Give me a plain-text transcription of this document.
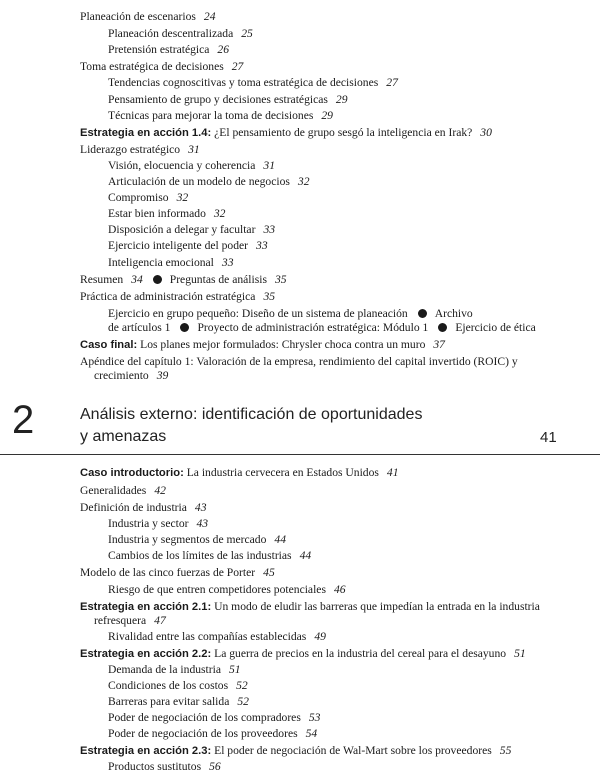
Planeación de escenarios 24
Planeación descentralizada 25
Pretensión estratégica 26
Toma estratégica de decisiones 27
Tendencias cognoscitivas y toma estratégica de decisiones 27
Pensamiento de grupo y decisiones estratégicas 29
Técnicas para mejorar la toma de decisiones 29
Estrategia en acción 1.4: ¿El pensamiento de grupo sesgó la inteligencia en Irak? 30
Liderazgo estratégico 31
Visión, elocuencia y coherencia 31
Articulación de un modelo de negocios 32
Compromiso 32
Estar bien informado 32
Disposición a delegar y facultar 33
Ejercicio inteligente del poder 33
Inteligencia emocional 33
Resumen 34 Preguntas de análisis 35
Práctica de administración estratégica 35
Ejercicio en grupo pequeño: Diseño de un sistema de planeación Archivo
de artículos 1 Proyecto de administración estratégica: Módulo 1 Ejercicio de ética
Caso final: Los planes mejor formulados: Chrysler choca contra un muro 37
Apéndice del capítulo 1: Valoración de la empresa, rendimiento del capital invertido (ROIC) y
crecimiento 39
2	Análisis externo: identificación de oportunidades
y amenazas	41
Caso introductorio: La industria cervecera en Estados Unidos 41
Generalidades 42
Definición de industria 43
Industria y sector 43
Industria y segmentos de mercado 44
Cambios de los límites de las industrias 44
Modelo de las cinco fuerzas de Porter 45
Riesgo de que entren competidores potenciales 46
Estrategia en acción 2.1: Un modo de eludir las barreras que impedían la entrada en la industria
refresquera 47
Rivalidad entre las compañías establecidas 49
Estrategia en acción 2.2: La guerra de precios en la industria del cereal para el desayuno 51
Demanda de la industria 51
Condiciones de los costos 52
Barreras para evitar salida 52
Poder de negociación de los compradores 53
Poder de negociación de los proveedores 54
Estrategia en acción 2.3: El poder de negociación de Wal-Mart sobre los proveedores 55
Productos sustitutos 56
